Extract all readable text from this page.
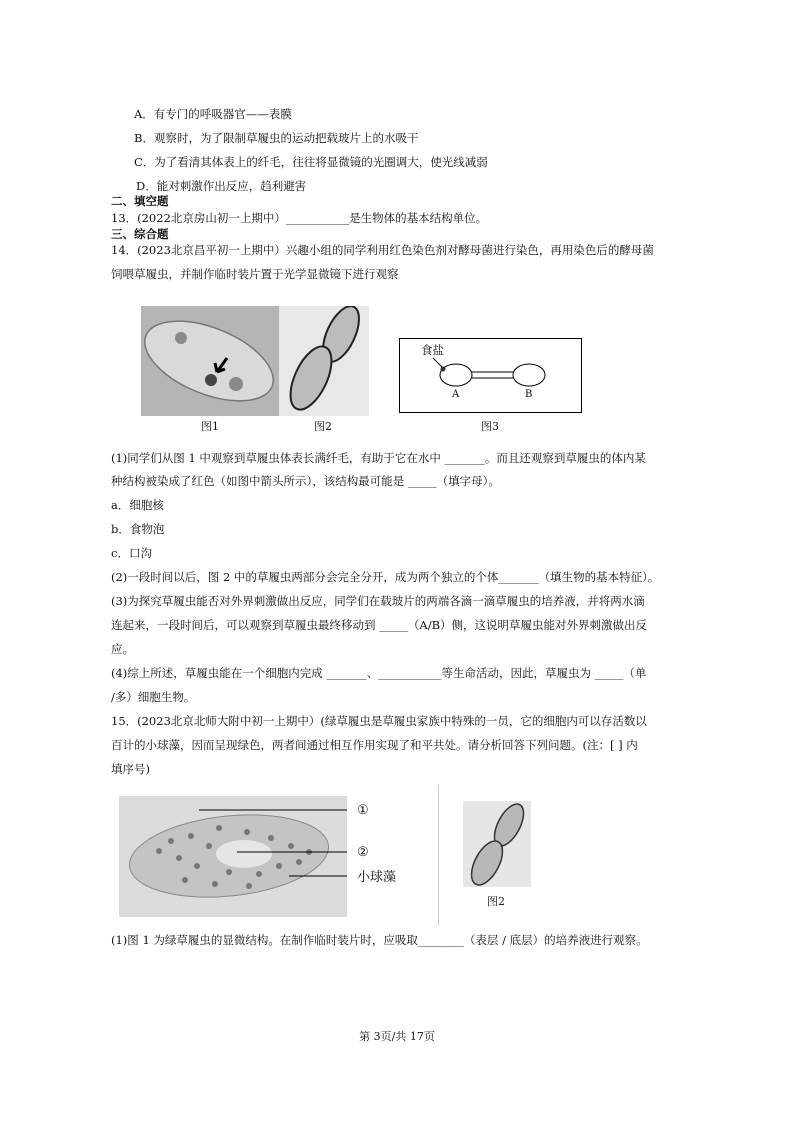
A．有专门的呼吸器官——表膜
B．观察时，为了限制草履虫的运动把载玻片上的水吸干
C．为了看清其体表上的纤毛，往往将显微镜的光圈调大，使光线减弱
D．能对刺激作出反应，趋利避害
二、填空题
13．(2022北京房山初一上期中）___________是生物体的基本结构单位。
三、综合题
14．(2023北京昌平初一上期中）兴趣小组的同学利用红色染色剂对酵母菌进行染色，再用染色后的酵母菌
饲喂草履虫，并制作临时装片置于光学显微镜下进行观察
食盐
A	B
图1	图2	图3
(1)同学们从图 1 中观察到草履虫体表长满纤毛，有助于它在水中 _______。而且还观察到草履虫的体内某
种结构被染成了红色（如图中箭头所示），该结构最可能是 _____（填字母）。
a．细胞核
b．食物泡
c．口沟
(2)一段时间以后，图 2 中的草履虫两部分会完全分开，成为两个独立的个体_______（填生物的基本特征）。
(3)为探究草履虫能否对外界刺激做出反应，同学们在载玻片的两端各滴一滴草履虫的培养液，并将两水滴
连起来，一段时间后，可以观察到草履虫最终移动到 _____（A/B）侧，这说明草履虫能对外界刺激做出反
应。
(4)综上所述，草履虫能在一个细胞内完成 _______、___________等生命活动，因此，草履虫为 _____（单
/多）细胞生物。
15．(2023北京北师大附中初一上期中）(绿草履虫是草履虫家族中特殊的一员，它的细胞内可以存活数以
百计的小球藻，因而呈现绿色，两者间通过相互作用实现了和平共处。请分析回答下列问题。(注：[ ] 内
填序号)
①
②
小球藻
图2
(1)图 1 为绿草履虫的显微结构。在制作临时装片时，应吸取________（表层 / 底层）的培养液进行观察。
第 3页/共 17页
